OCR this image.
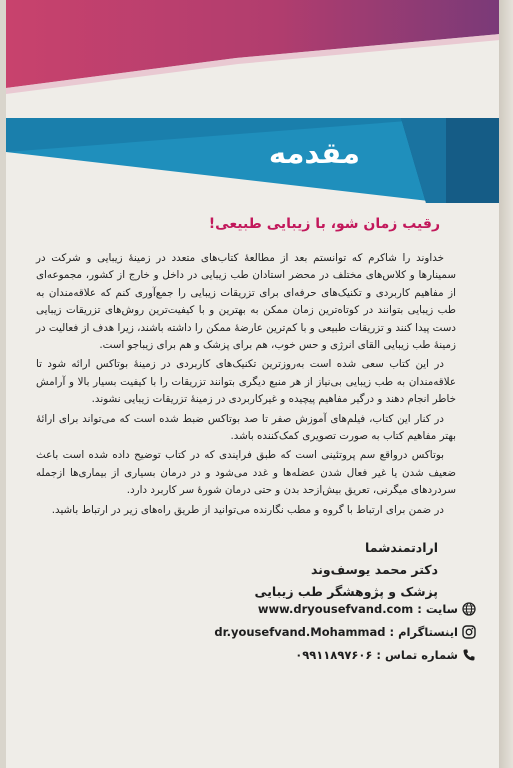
مقدمه
رقیب زمان شو، با زیبایی طبیعی!

خداوند را شاکرم که توانستم بعد از مطالعهٔ کتاب‌های متعدد در زمینهٔ زیبایی و شرکت در سمینارها و کلاس‌های مختلف در محضر استادان طب زیبایی در داخل و خارج از کشور، مجموعه‌ای از مفاهیم کاربردی و تکنیک‌های حرفه‌ای برای تزریقات زیبایی را جمع‌آوری کنم که علاقه‌مندان به طب زیبایی بتوانند در کوتاه‌ترین زمان ممکن به بهترین و با کیفیت‌ترین روش‌های تزریقات زیبایی دست پیدا کنند و تزریقات طبیعی و با کم‌ترین عارضهٔ ممکن را داشته باشند، زیرا هدف از فعالیت در زمینهٔ طب زیبایی القای انرژی و حس خوب، هم برای پزشک و هم برای زیباجو است.

در این کتاب سعی شده است به‌روزترین تکنیک‌های کاربردی در زمینهٔ بوتاکس ارائه شود تا علاقه‌مندان به طب زیبایی بی‌نیاز از هر منبع دیگری بتوانند تزریقات را با کیفیت بسیار بالا و آرامش خاطر انجام دهند و درگیر مفاهیم پیچیده و غیرکاربردی در زمینهٔ تزریقات زیبایی نشوند.

در کنار این کتاب، فیلم‌های آموزش صفر تا صد بوتاکس ضبط شده است که می‌تواند برای ارائهٔ بهتر مفاهیم کتاب به صورت تصویری کمک‌کننده باشد.

بوتاکس درواقع سم پروتئینی است که طبق فرایندی که در کتاب توضیح داده شده است باعث ضعیف شدن یا غیر فعال شدن عضله‌ها و غدد می‌شود و در درمان بسیاری از بیماری‌ها ازجمله سردردهای میگرنی، تعریق بیش‌ازحد بدن و حتی درمان شورهٔ سر کاربرد دارد.

در ضمن برای ارتباط با گروه و مطب نگارنده می‌توانید از طریق راه‌های زیر در ارتباط باشید.

ارادتمندشما
دکتر محمد یوسف‌وند
پزشک و پژوهشگر طب زیبایی
سایت :
www.dryousefvand.com
اینستاگرام :
dr.yousefvand.Mohammad
شماره تماس :
۰۹۹۱۱۸۹۷۶۰۶
